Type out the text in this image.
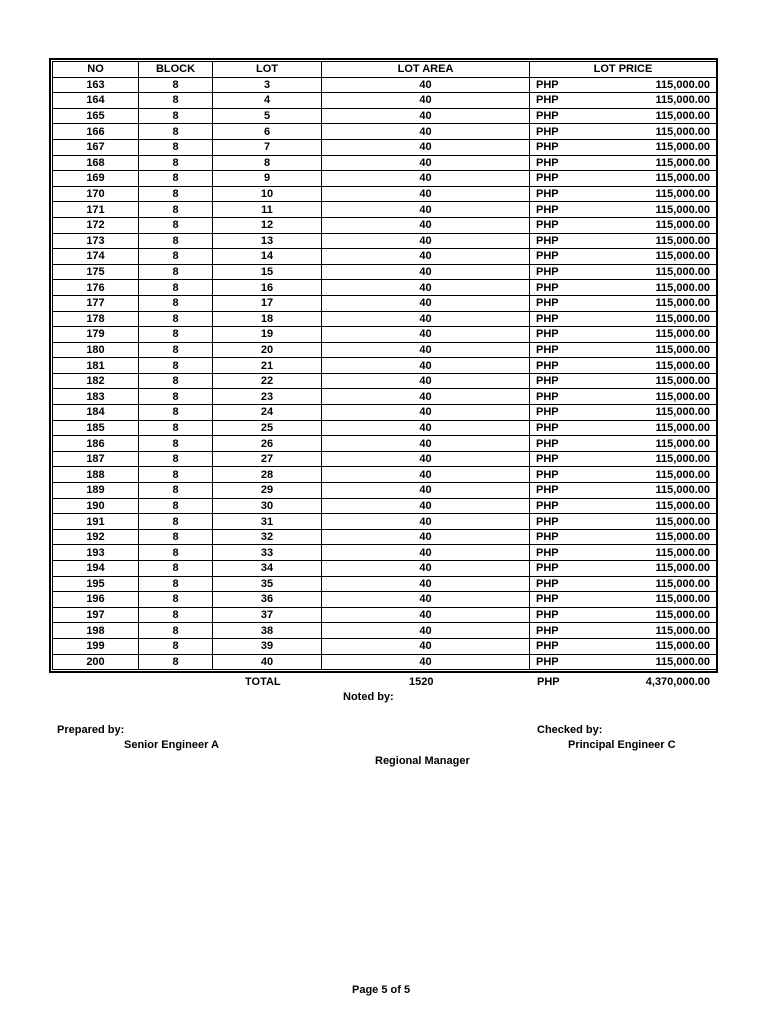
NO	BLOCK	LOT	LOT AREA	LOT PRICE
163	8	3	40	PHP 115,000.00

164	8	4	40	PHP 115,000.00

165	8	5	40	PHP 115,000.00

166	8	6	40	PHP 115,000.00

167	8	7	40	PHP 115,000.00

168	8	8	40	PHP 115,000.00

169	8	9	40	PHP 115,000.00

170	8	10	40	PHP 115,000.00

171	8	11	40	PHP 115,000.00

172	8	12	40	PHP 115,000.00

173	8	13	40	PHP 115,000.00

174	8	14	40	PHP 115,000.00

175	8	15	40	PHP 115,000.00

176	8	16	40	PHP 115,000.00

177	8	17	40	PHP 115,000.00

178	8	18	40	PHP 115,000.00

179	8	19	40	PHP 115,000.00

180	8	20	40	PHP 115,000.00

181	8	21	40	PHP 115,000.00

182	8	22	40	PHP 115,000.00

183	8	23	40	PHP 115,000.00

184	8	24	40	PHP 115,000.00

185	8	25	40	PHP 115,000.00

186	8	26	40	PHP 115,000.00

187	8	27	40	PHP 115,000.00

188	8	28	40	PHP 115,000.00

189	8	29	40	PHP 115,000.00

190	8	30	40	PHP 115,000.00

191	8	31	40	PHP 115,000.00

192	8	32	40	PHP 115,000.00

193	8	33	40	PHP 115,000.00

194	8	34	40	PHP 115,000.00

195	8	35	40	PHP 115,000.00

196	8	36	40	PHP 115,000.00

197	8	37	40	PHP 115,000.00

198	8	38	40	PHP 115,000.00

199	8	39	40	PHP 115,000.00

200	8	40	40	PHP 115,000.00
TOTAL	1520	PHP	4,370,000.00
Noted by:
Prepared by:	Checked by:
Senior Engineer A	Principal Engineer C
Regional Manager
Page 5 of 5
